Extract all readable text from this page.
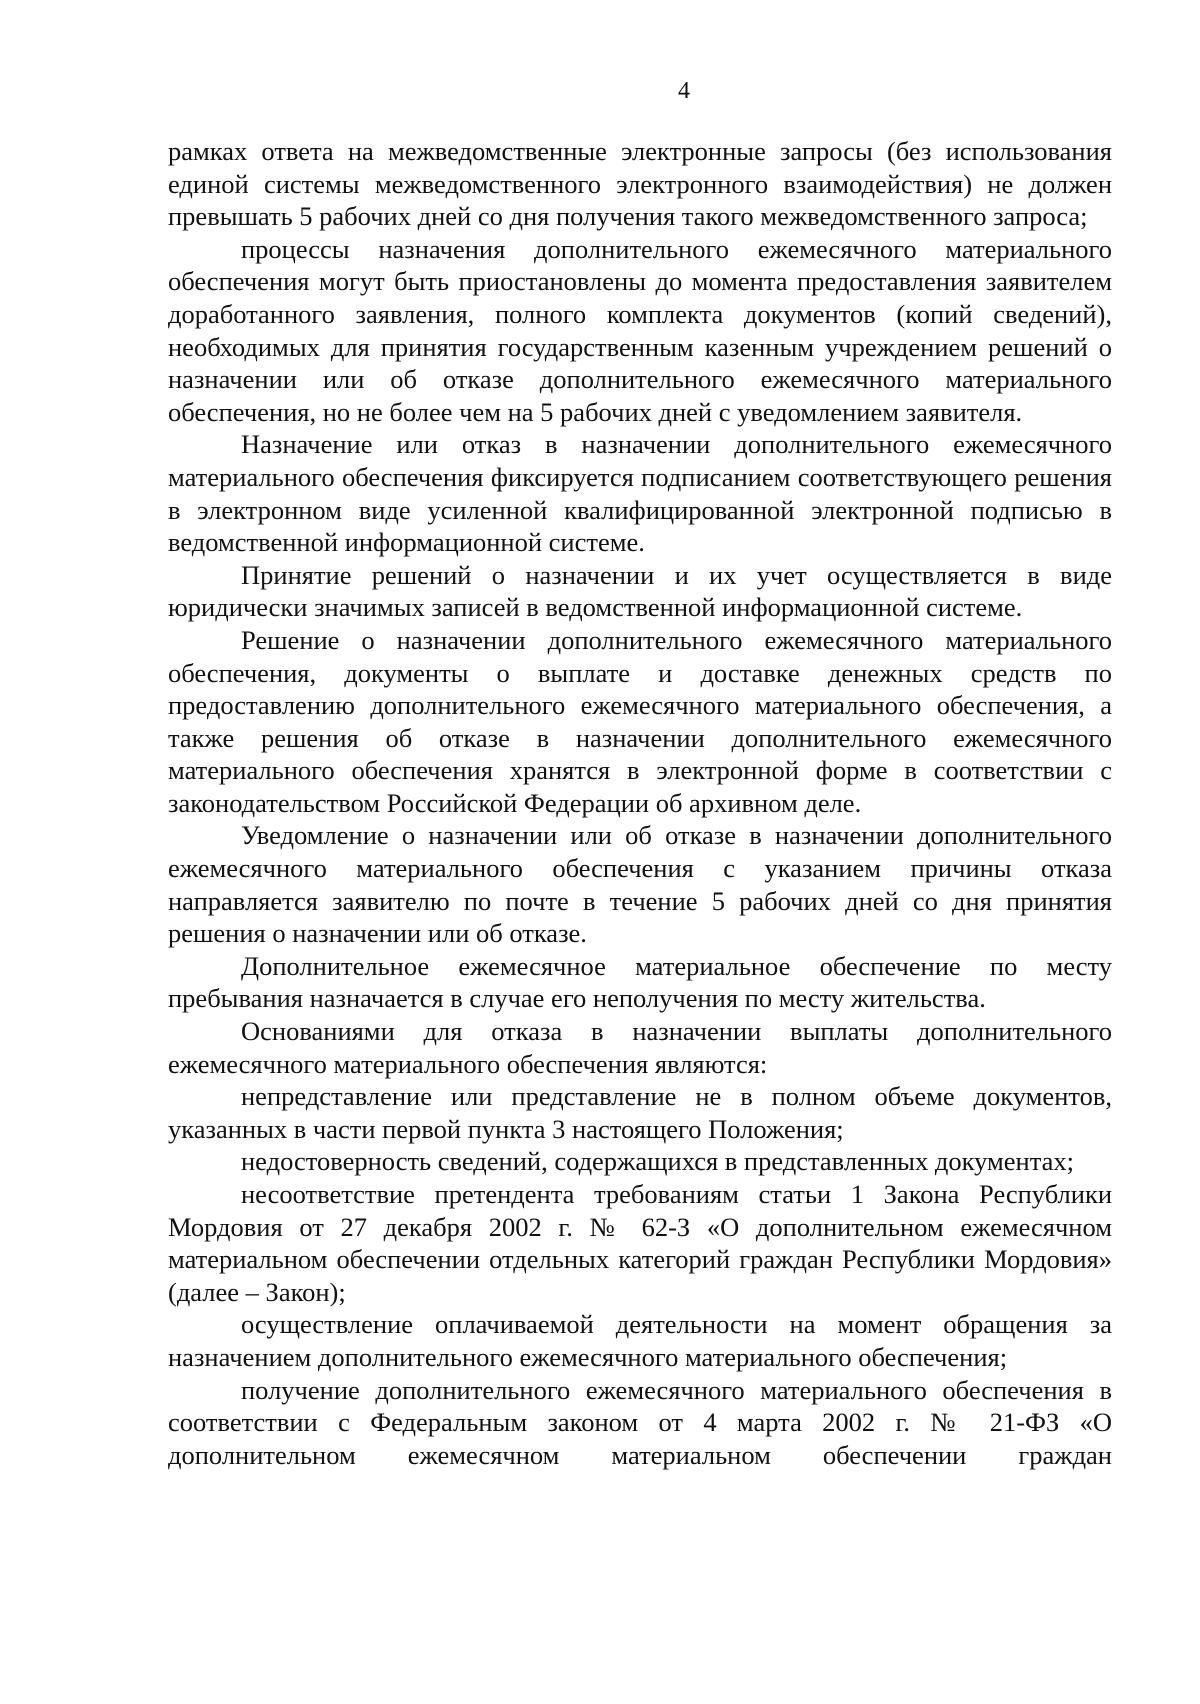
4

рамках ответа на межведомственные электронные запросы (без использования единой системы межведомственного электронного взаимодействия) не должен превышать 5 рабочих дней со дня получения такого межведомственного запроса;

процессы назначения дополнительного ежемесячного материального обеспечения могут быть приостановлены до момента предоставления заявителем доработанного заявления, полного комплекта документов (копий сведений), необходимых для принятия государственным казенным учреждением решений о назначении или об отказе дополнительного ежемесячного материального обеспечения, но не более чем на 5 рабочих дней с уведомлением заявителя.

Назначение или отказ в назначении дополнительного ежемесячного материального обеспечения фиксируется подписанием соответствующего решения в электронном виде усиленной квалифицированной электронной подписью в ведомственной информационной системе.

Принятие решений о назначении и их учет осуществляется в виде юридически значимых записей в ведомственной информационной системе.

Решение о назначении дополнительного ежемесячного материального обеспечения, документы о выплате и доставке денежных средств по предоставлению дополнительного ежемесячного материального обеспечения, а также решения об отказе в назначении дополнительного ежемесячного материального обеспечения хранятся в электронной форме в соответствии с законодательством Российской Федерации об архивном деле.

Уведомление о назначении или об отказе в назначении дополнительного ежемесячного материального обеспечения с указанием причины отказа направляется заявителю по почте в течение 5 рабочих дней со дня принятия решения о назначении или об отказе.

Дополнительное ежемесячное материальное обеспечение по месту пребывания назначается в случае его неполучения по месту жительства.

Основаниями для отказа в назначении выплаты дополнительного ежемесячного материального обеспечения являются:

непредставление или представление не в полном объеме документов, указанных в части первой пункта 3 настоящего Положения;

недостоверность сведений, содержащихся в представленных документах;

несоответствие претендента требованиям статьи 1 Закона Республики Мордовия от 27 декабря 2002 г. № 62-З «О дополнительном ежемесячном материальном обеспечении отдельных категорий граждан Республики Мордовия» (далее – Закон);

осуществление оплачиваемой деятельности на момент обращения за назначением дополнительного ежемесячного материального обеспечения;

получение дополнительного ежемесячного материального обеспечения в соответствии с Федеральным законом от 4 марта 2002 г. № 21-ФЗ «О дополнительном ежемесячном материальном обеспечении граждан
